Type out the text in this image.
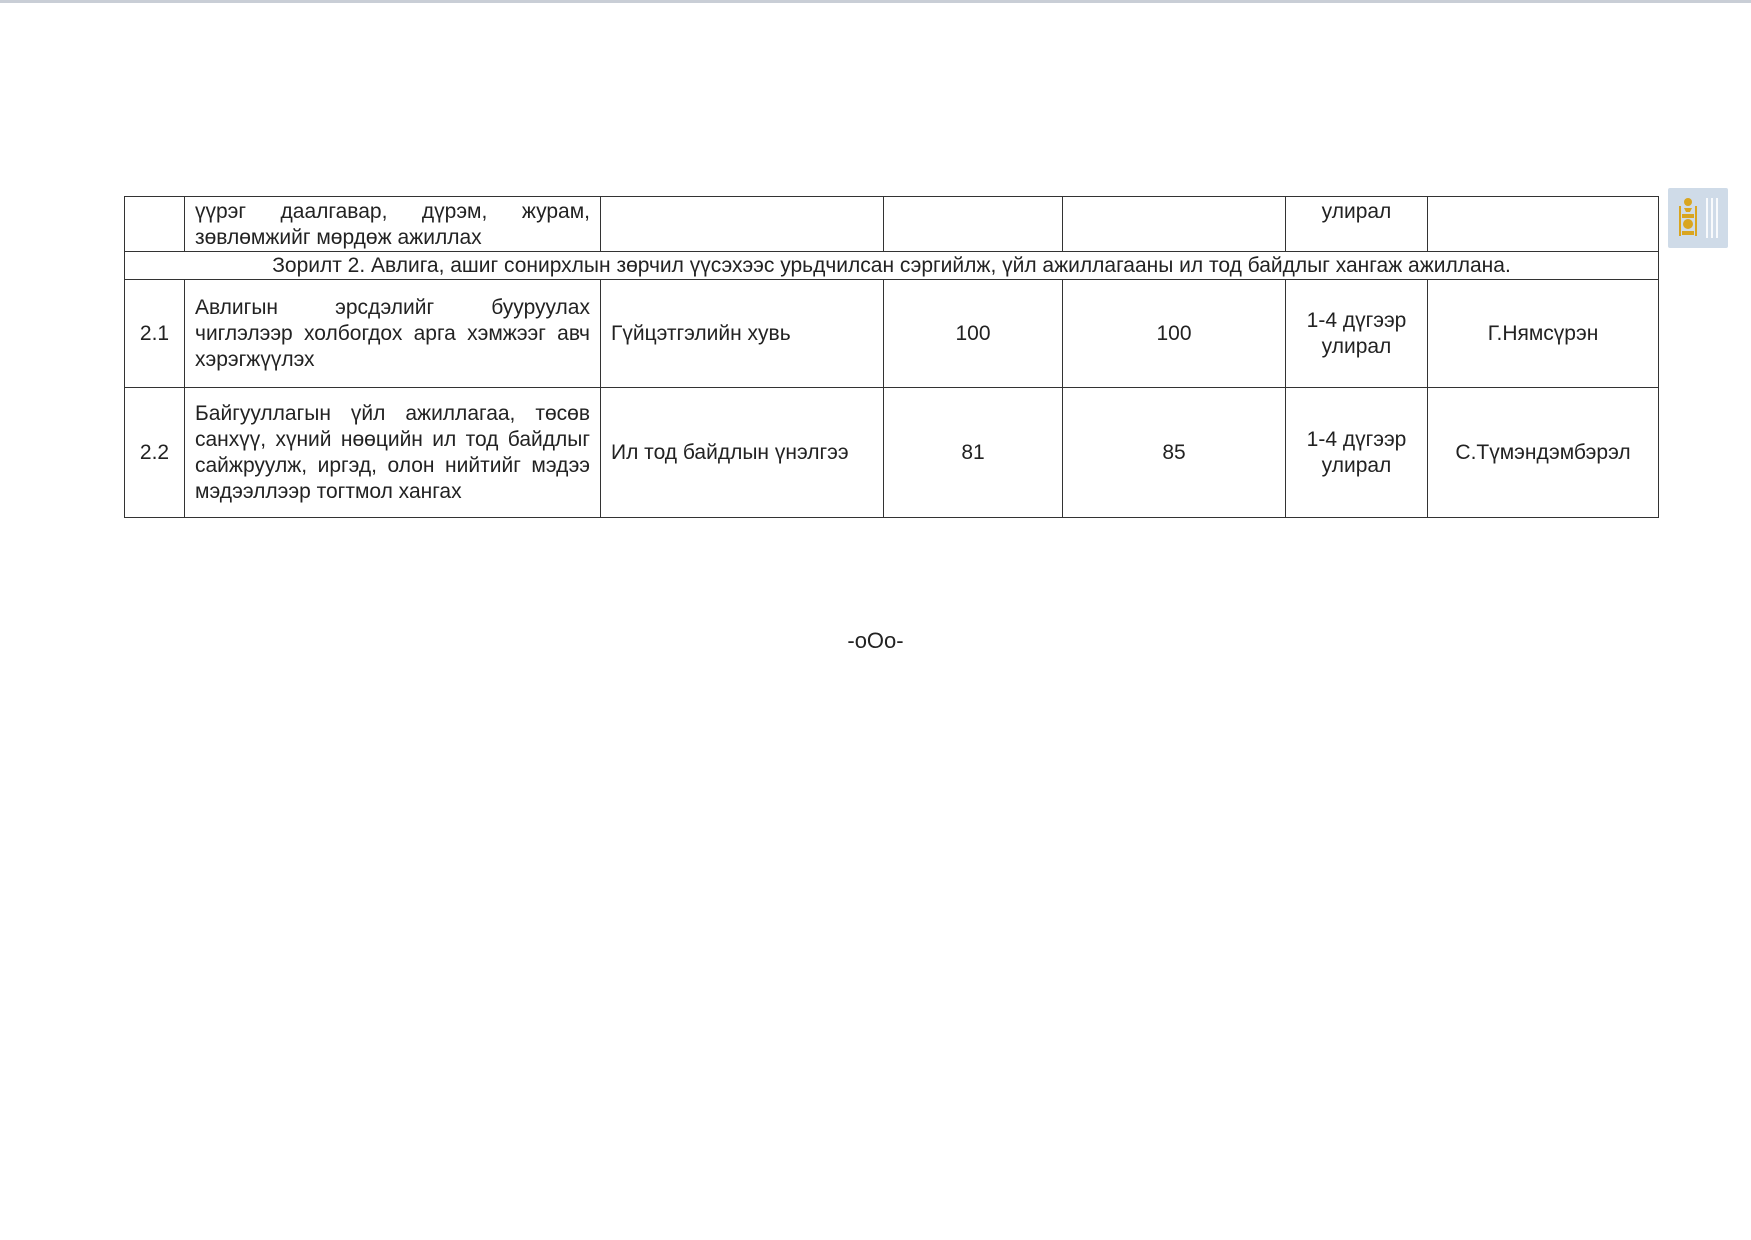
	үүрэг даалгавар, дүрэм, журам, зөвлөмжийг мөрдөж ажиллах				улирал	
Зорилт 2. Авлига, ашиг сонирхлын зөрчил үүсэхээс урьдчилсан сэргийлж, үйл ажиллагааны ил тод байдлыг хангаж ажиллана.						
2.1	Авлигын эрсдэлийг бууруулах чиглэлээр холбогдох арга хэмжээг авч хэрэгжүүлэх	Гүйцэтгэлийн хувь	100	100	1-4 дүгээр улирал	Г.Нямсүрэн
2.2	Байгууллагын үйл ажиллагаа, төсөв санхүү, хүний нөөцийн ил тод байдлыг сайжруулж, иргэд, олон нийтийг мэдээ мэдээллээр тогтмол хангах	Ил тод байдлын үнэлгээ	81	85	1-4 дүгээр улирал	С.Түмэндэмбэрэл
-oOo-
